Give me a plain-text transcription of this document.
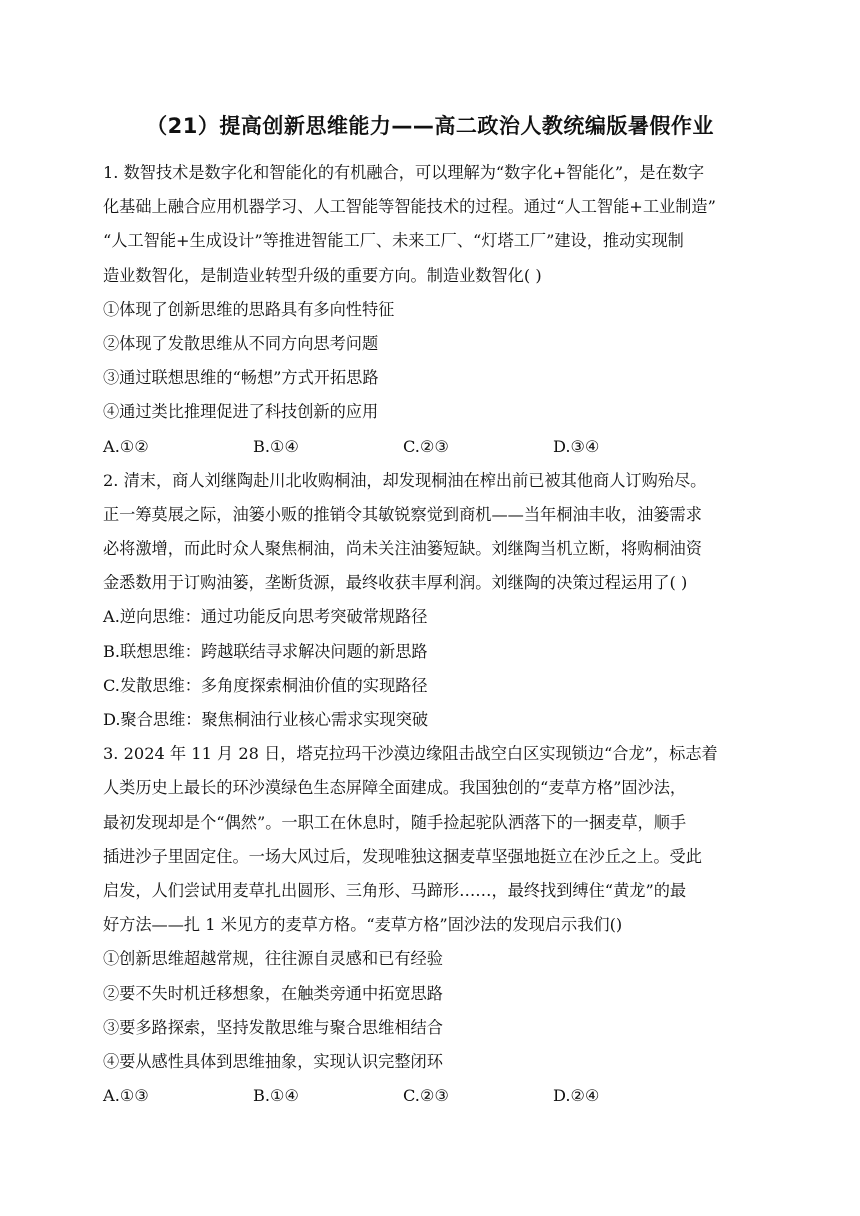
（21）提高创新思维能力——高二政治人教统编版暑假作业
1. 数智技术是数字化和智能化的有机融合，可以理解为“数字化+智能化”，是在数字
化基础上融合应用机器学习、人工智能等智能技术的过程。通过“人工智能+工业制造”
“人工智能+生成设计”等推进智能工厂、未来工厂、“灯塔工厂”建设，推动实现制
造业数智化，是制造业转型升级的重要方向。制造业数智化( )
①体现了创新思维的思路具有多向性特征
②体现了发散思维从不同方向思考问题
③通过联想思维的“畅想”方式开拓思路
④通过类比推理促进了科技创新的应用
A.①②	B.①④	C.②③	D.③④
2. 清末，商人刘继陶赴川北收购桐油，却发现桐油在榨出前已被其他商人订购殆尽。
正一筹莫展之际，油篓小贩的推销令其敏锐察觉到商机——当年桐油丰收，油篓需求
必将激增，而此时众人聚焦桐油，尚未关注油篓短缺。刘继陶当机立断，将购桐油资
金悉数用于订购油篓，垄断货源，最终收获丰厚利润。刘继陶的决策过程运用了( )
A.逆向思维：通过功能反向思考突破常规路径
B.联想思维：跨越联结寻求解决问题的新思路
C.发散思维：多角度探索桐油价值的实现路径
D.聚合思维：聚焦桐油行业核心需求实现突破
3. 2024 年 11 月 28 日，塔克拉玛干沙漠边缘阻击战空白区实现锁边“合龙”，标志着
人类历史上最长的环沙漠绿色生态屏障全面建成。我国独创的“麦草方格”固沙法，
最初发现却是个“偶然”。一职工在休息时，随手捡起驼队洒落下的一捆麦草，顺手
插进沙子里固定住。一场大风过后，发现唯独这捆麦草坚强地挺立在沙丘之上。受此
启发，人们尝试用麦草扎出圆形、三角形、马蹄形……，最终找到缚住“黄龙”的最
好方法——扎 1 米见方的麦草方格。“麦草方格”固沙法的发现启示我们()
①创新思维超越常规，往往源自灵感和已有经验
②要不失时机迁移想象，在触类旁通中拓宽思路
③要多路探索，坚持发散思维与聚合思维相结合
④要从感性具体到思维抽象，实现认识完整闭环
A.①③	B.①④	C.②③	D.②④
